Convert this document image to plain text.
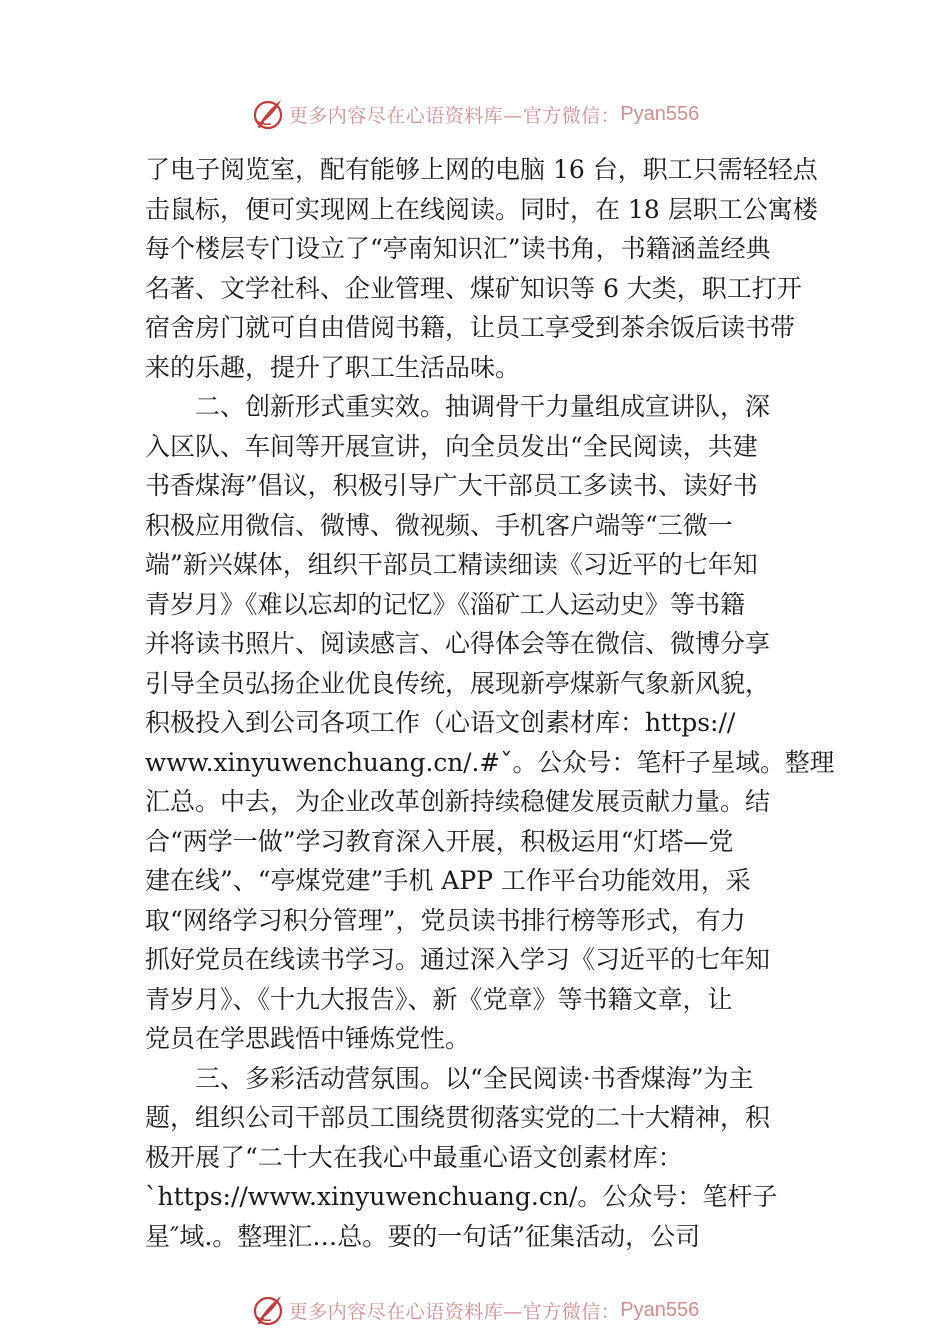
更多内容尽在心语资料库—官方微信： Pyan556
了电子阅览室，配有能够上网的电脑 16 台，职工只需轻轻点
击鼠标，便可实现网上在线阅读。同时，在 18 层职工公寓楼
每个楼层专门设立了“亭南知识汇”读书角，书籍涵盖经典
名著、文学社科、企业管理、煤矿知识等 6 大类，职工打开
宿舍房门就可自由借阅书籍，让员工享受到茶余饭后读书带
来的乐趣，提升了职工生活品味。
　　二、创新形式重实效。抽调骨干力量组成宣讲队，深
入区队、车间等开展宣讲，向全员发出“全民阅读，共建
书香煤海”倡议，积极引导广大干部员工多读书、读好书
积极应用微信、微博、微视频、手机客户端等“三微一
端”新兴媒体，组织干部员工精读细读《习近平的七年知
青岁月》《难以忘却的记忆》《淄矿工人运动史》等书籍
并将读书照片、阅读感言、心得体会等在微信、微博分享
引导全员弘扬企业优良传统，展现新亭煤新气象新风貌，
积极投入到公司各项工作（心语文创素材库：https://
www.xinyuwenchuang.cn/.#ˇ。公众号：笔杆子星域。整理
汇总。中去，为企业改革创新持续稳健发展贡献力量。结
合“两学一做”学习教育深入开展，积极运用“灯塔—党
建在线”、“亭煤党建”手机 APP 工作平台功能效用，采
取“网络学习积分管理”，党员读书排行榜等形式，有力
抓好党员在线读书学习。通过深入学习《习近平的七年知
青岁月》、《十九大报告》、新《党章》等书籍文章，让
党员在学思践悟中锤炼党性。
　　三、多彩活动营氛围。以“全民阅读·书香煤海”为主
题，组织公司干部员工围绕贯彻落实党的二十大精神，积
极开展了“二十大在我心中最重心语文创素材库：
`https://www.xinyuwenchuang.cn/。公众号：笔杆子
星″域.。整理汇…总。要的一句话”征集活动，公司
更多内容尽在心语资料库—官方微信： Pyan556
